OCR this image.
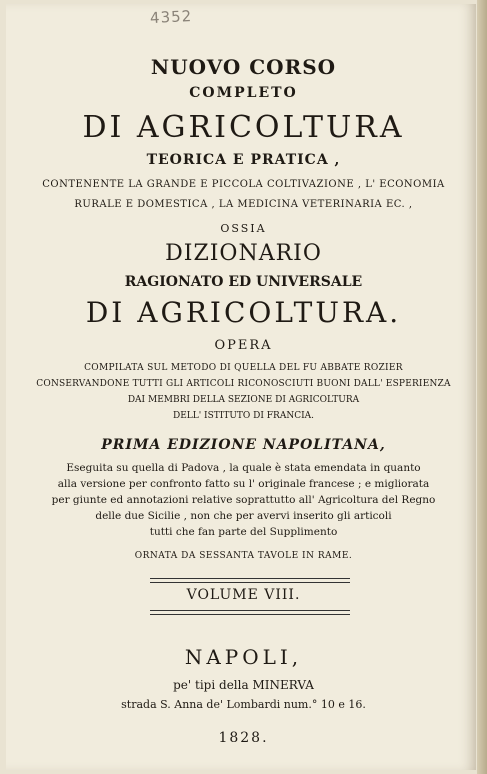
4352
NUOVO CORSO
COMPLETO
DI AGRICOLTURA
TEORICA E PRATICA ,
CONTENENTE LA GRANDE E PICCOLA COLTIVAZIONE , L' ECONOMIA
RURALE E DOMESTICA , LA MEDICINA VETERINARIA EC. ,
OSSIA
DIZIONARIO
RAGIONATO ED UNIVERSALE
DI AGRICOLTURA.
OPERA
COMPILATA SUL METODO DI QUELLA DEL FU ABBATE ROZIER
CONSERVANDONE TUTTI GLI ARTICOLI RICONOSCIUTI BUONI DALL' ESPERIENZA
DAI MEMBRI DELLA SEZIONE DI AGRICOLTURA
DELL' ISTITUTO DI FRANCIA.
PRIMA EDIZIONE NAPOLITANA,
Eseguita su quella di Padova , la quale è stata emendata in quanto
alla versione per confronto fatto su l' originale francese ; e migliorata
per giunte ed annotazioni relative soprattutto all' Agricoltura del Regno
delle due Sicilie , non che per avervi inserito gli articoli
tutti che fan parte del Supplimento
ORNATA DA SESSANTA TAVOLE IN RAME.
VOLUME VIII.
NAPOLI,
pe' tipi della MINERVA
strada S. Anna de' Lombardi num.° 10 e 16.
1828.
